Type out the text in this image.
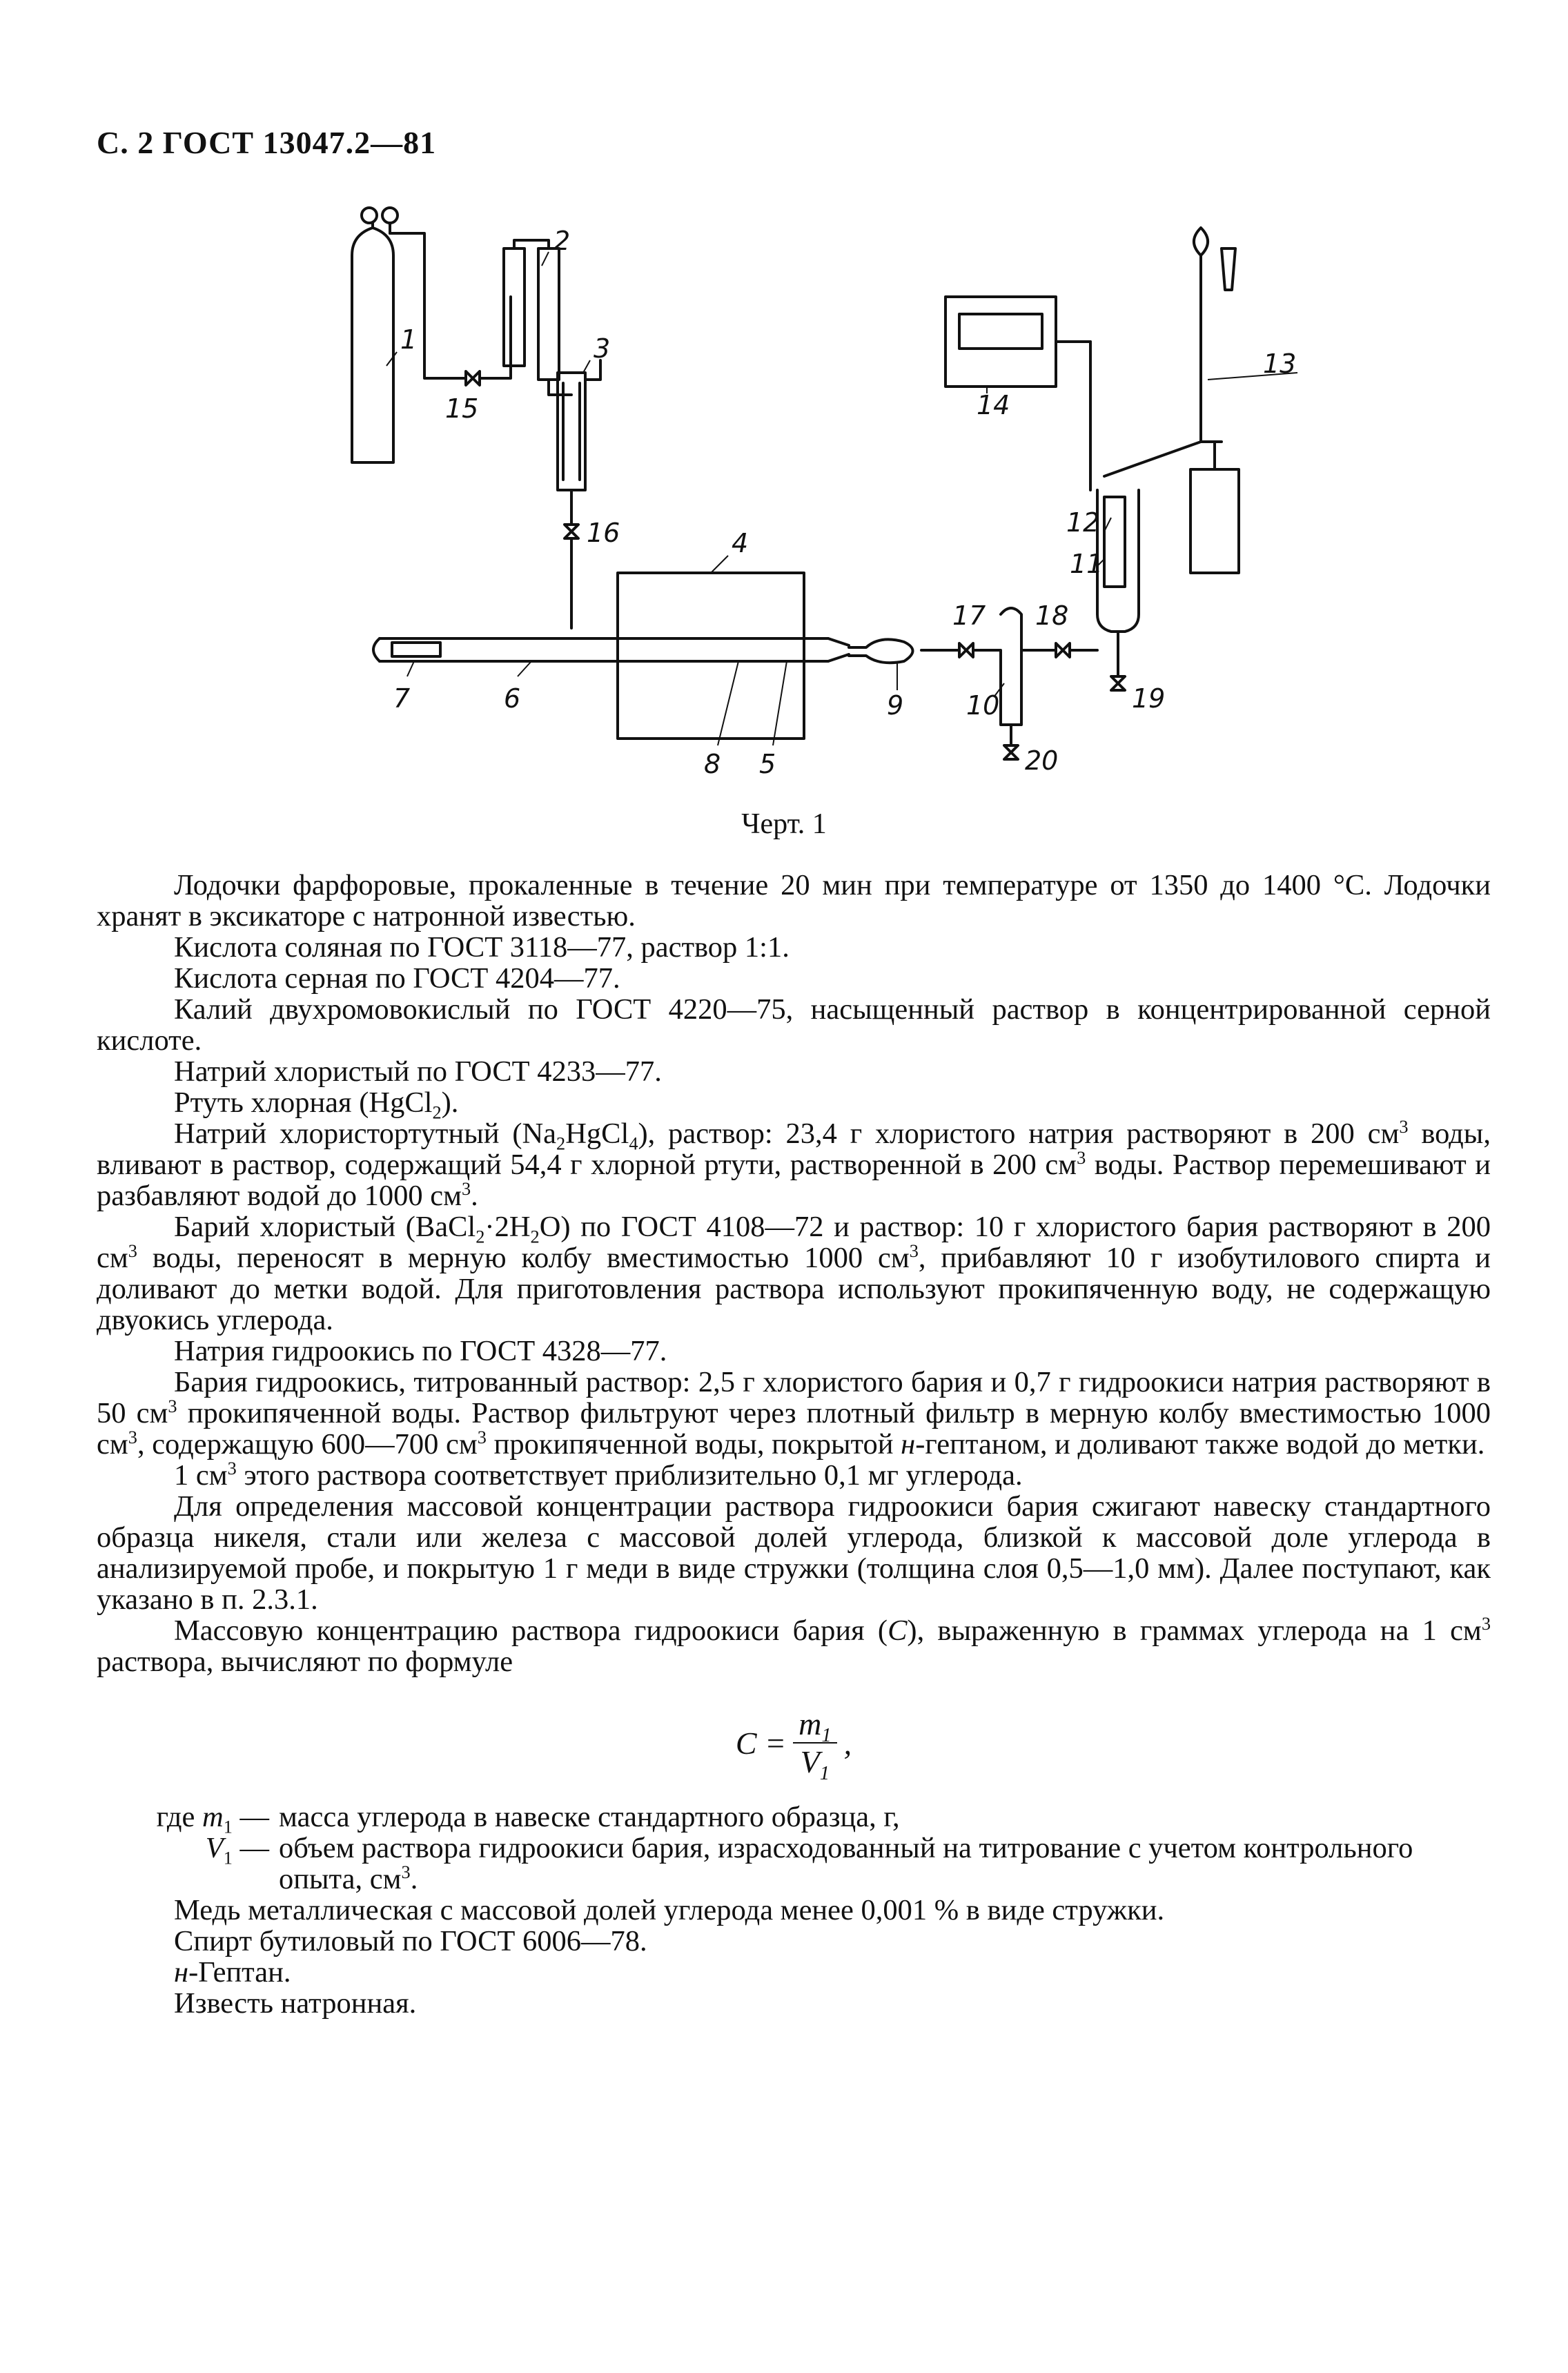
С. 2 ГОСТ 13047.2—81
1
2
3
4
5
6
7
8
9 10
11
12
13
14
15
16
17 18
19
20
Черт. 1

Лодочки фарфоровые, прокаленные в течение 20 мин при температуре от 1350 до 1400 °С. Лодочки хранят в эксикаторе с натронной известью.

Кислота соляная по ГОСТ 3118—77, раствор 1:1.

Кислота серная по ГОСТ 4204—77.

Калий двухромовокислый по ГОСТ 4220—75, насыщенный раствор в концентрированной серной кислоте.

Натрий хлористый по ГОСТ 4233—77.

Ртуть хлорная (HgCl$_2$).

Натрий хлористортутный $(Na_2HgCl_4)$, раствор: 23,4 г хлористого натрия растворяют в 200 $см^3$ воды, вливают в раствор, содержащий 54,4 г хлорной ртути, растворенной в 200 $см^3$ воды. Раствор перемешивают и разбавляют водой до 1000 $см^3$.

Барий хлористый $(BaCl_2\cdot 2H_2O)$ по ГОСТ 4108—72 и раствор: 10 г хлористого бария растворяют в 200 $см^3$ воды, переносят в мерную колбу вместимостью 1000 $см^3$, прибавляют 10 г изобутилового спирта и доливают до метки водой. Для приготовления раствора используют прокипяченную воду, не содержащую двуокись углерода.

Натрия гидроокись по ГОСТ 4328—77.

Бария гидроокись, титрованный раствор: 2,5 г хлористого бария и 0,7 г гидроокиси натрия растворяют в 50 $см^3$ прокипяченной воды. Раствор фильтруют через плотный фильтр в мерную колбу вместимостью 1000 $см^3$, содержащую 600—700 $см^3$ прокипяченной воды, покрытой н-гептаном, и доливают также водой до метки.

1 $см^3$ этого раствора соответствует приблизительно 0,1 мг углерода.

Для определения массовой концентрации раствора гидроокиси бария сжигают навеску стандартного образца никеля, стали или железа с массовой долей углерода, близкой к массовой доле углерода в анализируемой пробе, и покрытую 1 г меди в виде стружки (толщина слоя 0,5—1,0 мм). Далее поступают, как указано в п. 2.3.1.

Массовую концентрацию раствора гидроокиси бария (С), выраженную в граммах углерода на 1 $см^3$ раствора, вычисляют по формуле

$C = \frac{m_1}{V_1}$ ,
где $m_1$ — масса углерода в навеске стандартного образца, г,
$V_1$ — объем раствора гидроокиси бария, израсходованный на титрование с учетом контрольного
опыта, $см^3$.

Медь металлическая с массовой долей углерода менее 0,001 % в виде стружки.

Спирт бутиловый по ГОСТ 6006—78.

н-Гептан.

Известь натронная.
